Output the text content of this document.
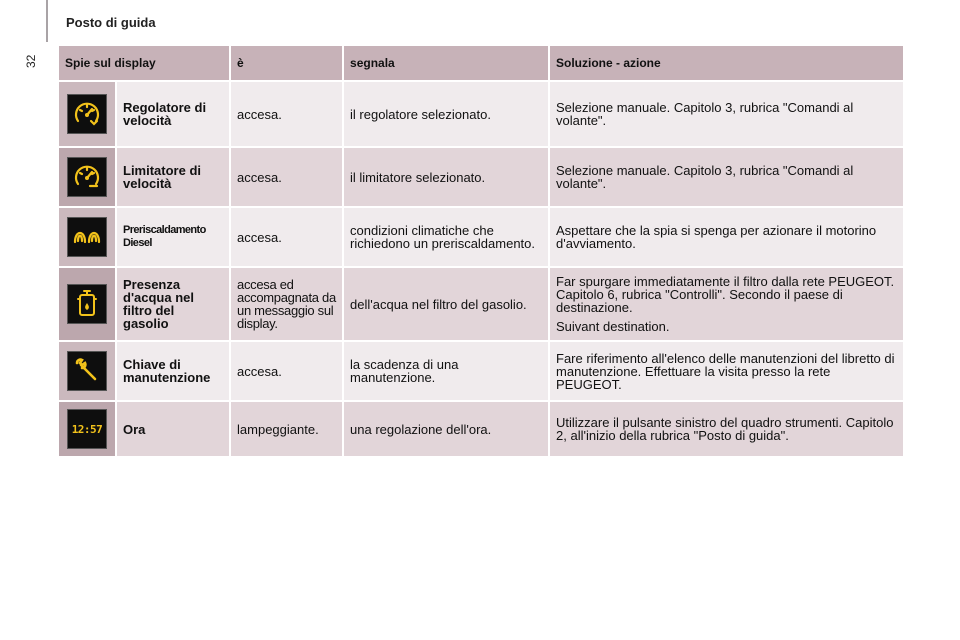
32
Posto di guida
Spie sul display		è	segnala	Soluzione - azione

	Regolatore di velocità	accesa.	il regolatore selezionato.	Selezione manuale. Capitolo 3, rubrica "Comandi al volante".

	Limitatore di velocità	accesa.	il limitatore selezionato.	Selezione manuale. Capitolo 3, rubrica "Comandi al volante".

	Preriscaldamento Diesel	accesa.	condizioni climatiche che richiedono un preriscaldamento.	Aspettare che la spia si spenga per azionare il motorino d'avviamento.

	Presenza d'acqua nel filtro del gasolio	accesa ed accompagnata da un messaggio sul display.	dell'acqua nel filtro del gasolio.	Far spurgare immediatamente il filtro dalla rete PEUGEOT. Capitolo 6, rubrica "Controlli". Secondo il paese di destinazione.

Suivant destination.

	Chiave di manutenzione	accesa.	la scadenza di una manutenzione.	Fare riferimento all'elenco delle manutenzioni del libretto di manutenzione. Effettuare la visita presso la rete PEUGEOT.

12:57	Ora	lampeggiante.	una regolazione dell'ora.	Utilizzare il pulsante sinistro del quadro strumenti. Capitolo 2, all'inizio della rubrica "Posto di guida".
